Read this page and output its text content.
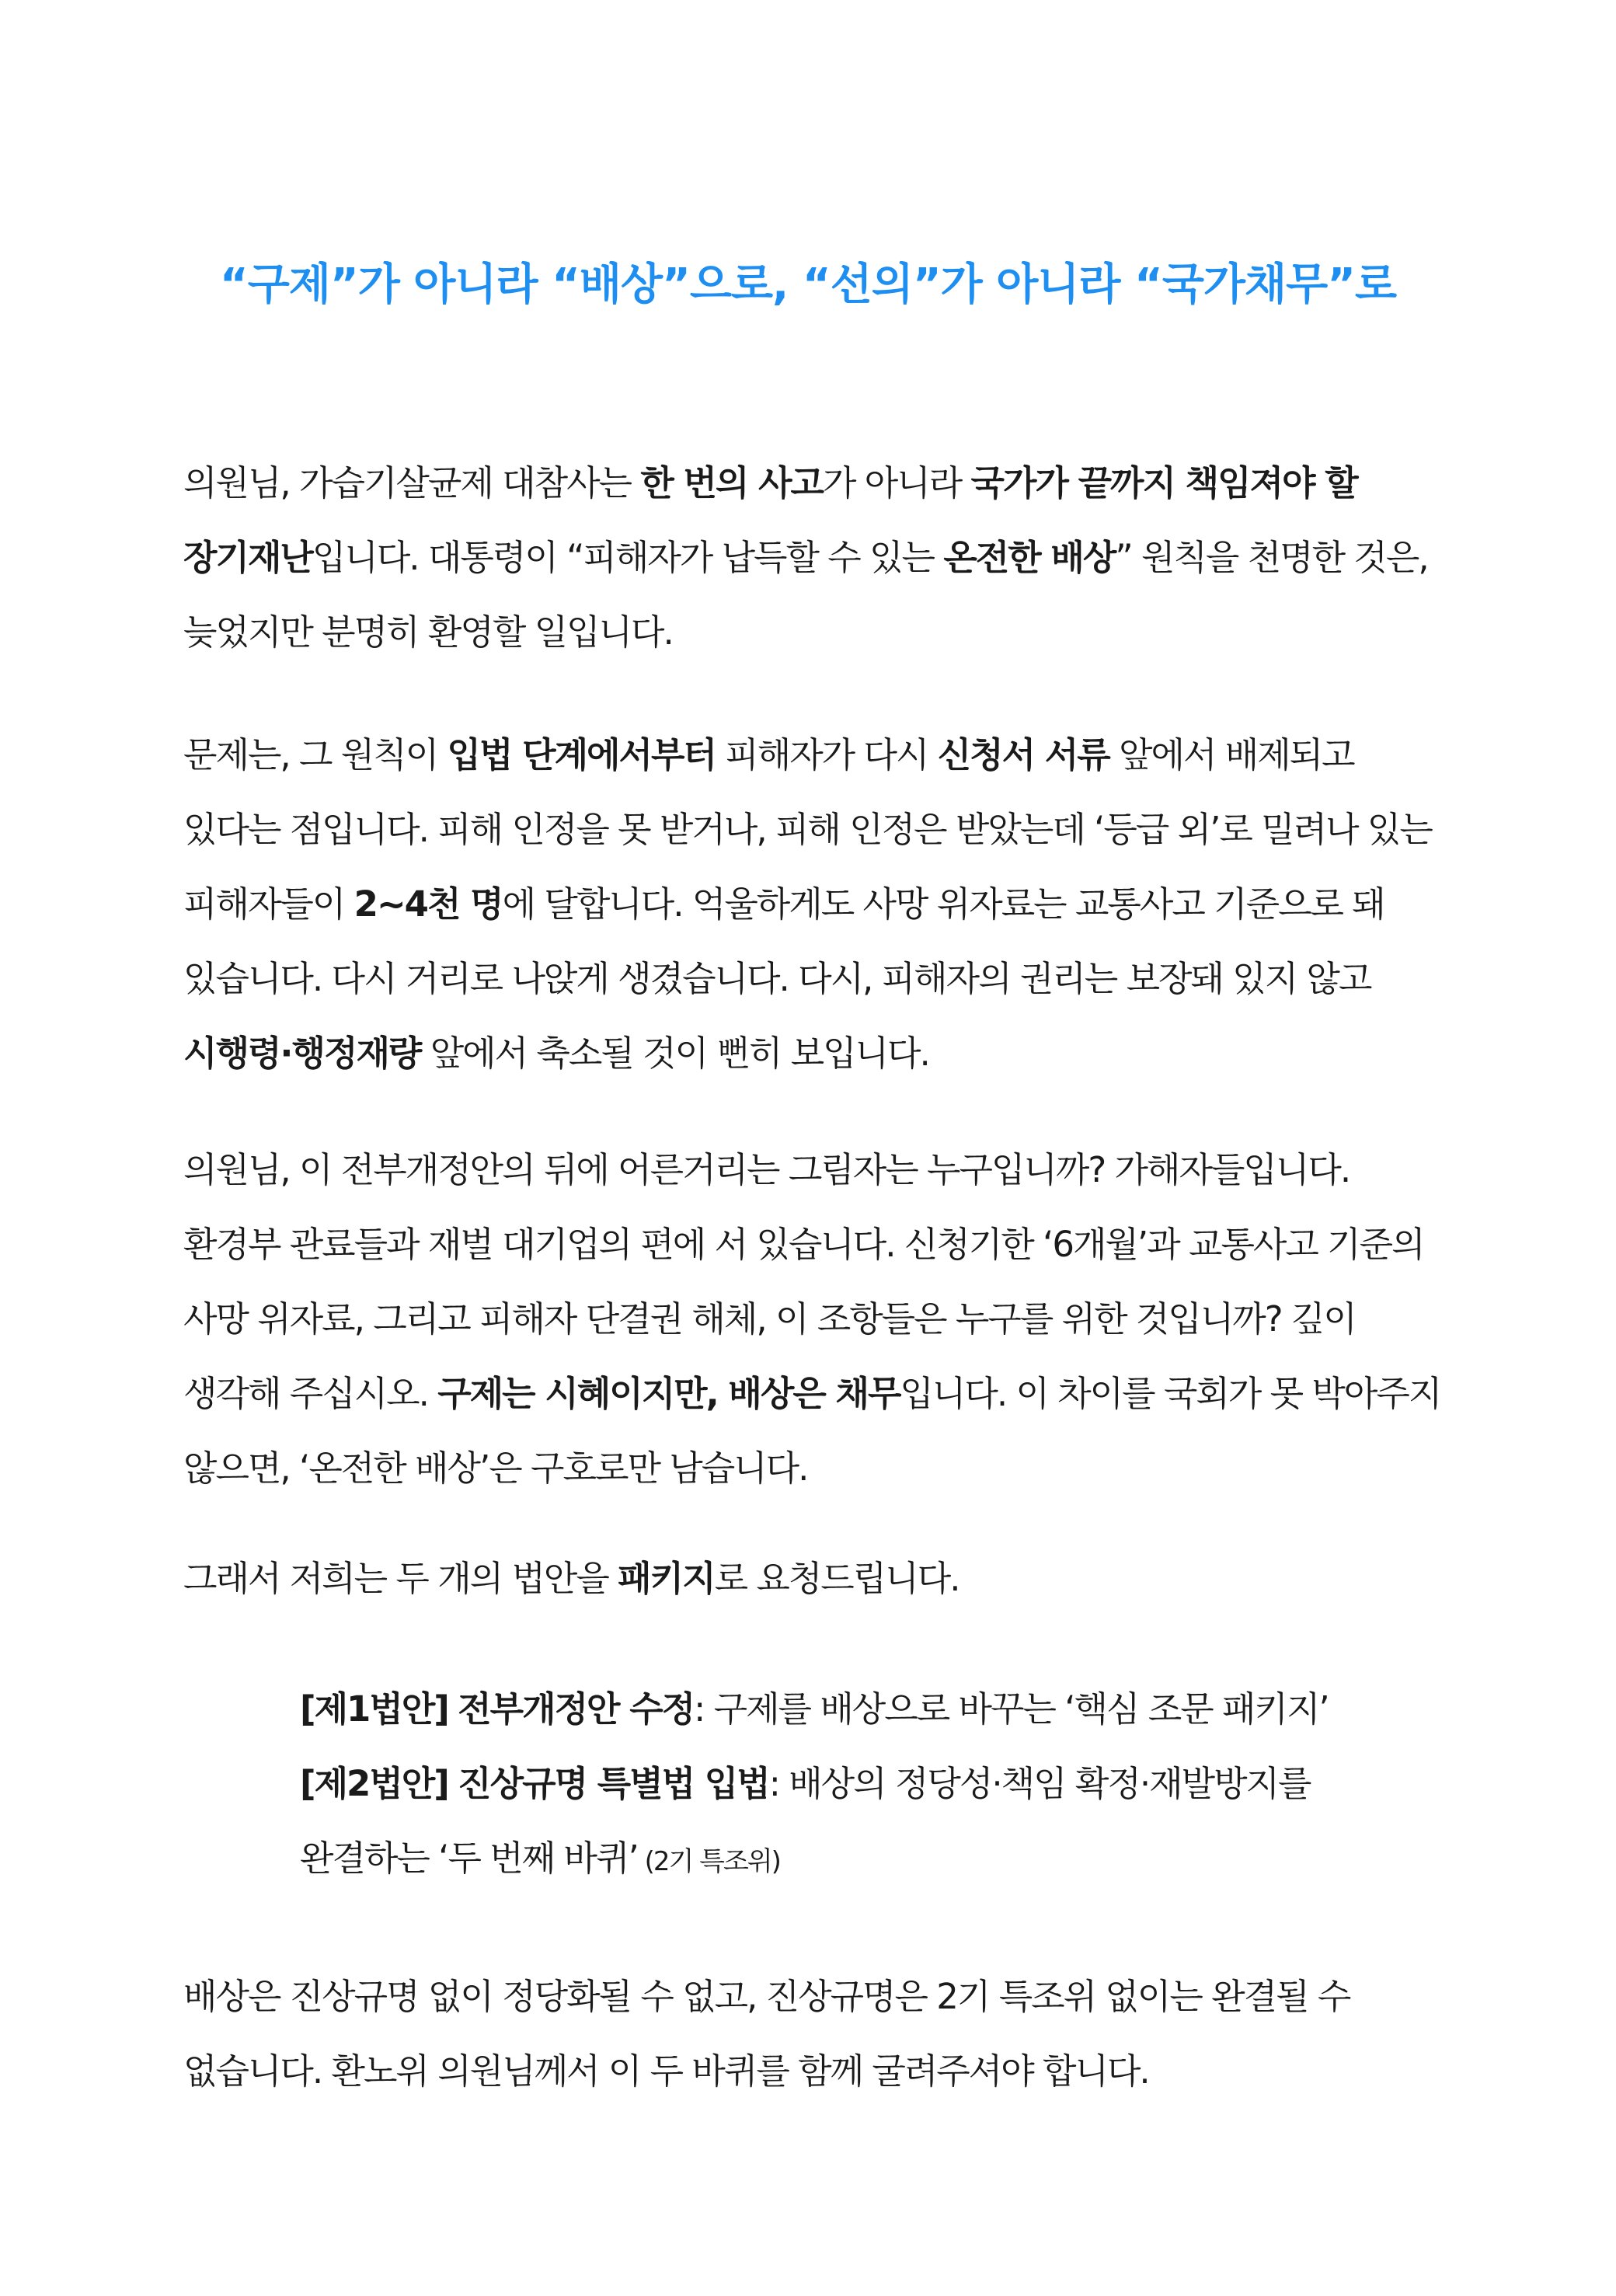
“구제”가 아니라 “배상”으로, “선의”가 아니라 “국가채무”로
의원님, 가습기살균제 대참사는 한 번의 사고가 아니라 국가가 끝까지 책임져야 할 장기재난입니다. 대통령이 “피해자가 납득할 수 있는 온전한 배상” 원칙을 천명한 것은, 늦었지만 분명히 환영할 일입니다.
문제는, 그 원칙이 입법 단계에서부터 피해자가 다시 신청서 서류 앞에서 배제되고 있다는 점입니다. 피해 인정을 못 받거나, 피해 인정은 받았는데 ‘등급 외’로 밀려나 있는 피해자들이 2~4천 명에 달합니다. 억울하게도 사망 위자료는 교통사고 기준으로 돼 있습니다. 다시 거리로 나앉게 생겼습니다. 다시, 피해자의 권리는 보장돼 있지 않고 시행령·행정재량 앞에서 축소될 것이 뻔히 보입니다.
의원님, 이 전부개정안의 뒤에 어른거리는 그림자는 누구입니까? 가해자들입니다. 환경부 관료들과 재벌 대기업의 편에 서 있습니다. 신청기한 ‘6개월’과 교통사고 기준의 사망 위자료, 그리고 피해자 단결권 해체, 이 조항들은 누구를 위한 것입니까? 깊이 생각해 주십시오. 구제는 시혜이지만, 배상은 채무입니다. 이 차이를 국회가 못 박아주지 않으면, ‘온전한 배상’은 구호로만 남습니다.
그래서 저희는 두 개의 법안을 패키지로 요청드립니다.
[제1법안] 전부개정안 수정: 구제를 배상으로 바꾸는 ‘핵심 조문 패키지’
[제2법안] 진상규명 특별법 입법: 배상의 정당성·책임 확정·재발방지를 완결하는 ‘두 번째 바퀴’ (2기 특조위)
배상은 진상규명 없이 정당화될 수 없고, 진상규명은 2기 특조위 없이는 완결될 수 없습니다. 환노위 의원님께서 이 두 바퀴를 함께 굴려주셔야 합니다.
